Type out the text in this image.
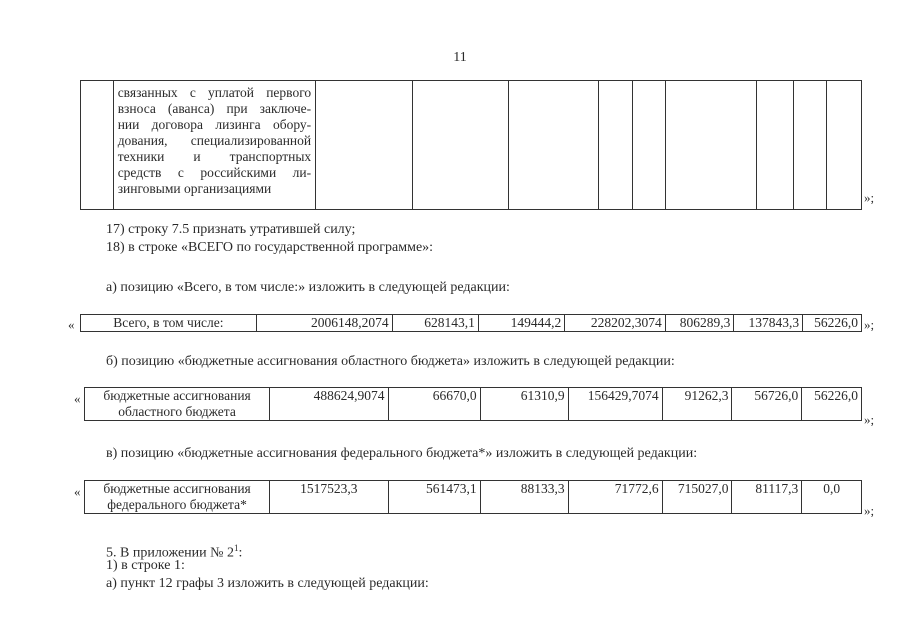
11

связанных с уплатой первого
взноса (аванса) при заключе-
нии договора лизинга обору-
дования, специализированной
техники и транспортных
средств с российскими ли-
зинговыми организациями

»;
17) строку 7.5 признать утратившей силу;
18) в строке «ВСЕГО по государственной программе»:
а) позицию «Всего, в том числе:» изложить в следующей редакции:
«	Всего, в том числе:	2006148,2074	628143,1	149444,2	228202,3074	806289,3	137843,3	56226,0 »;
б) позицию «бюджетные ассигнования областного бюджета» изложить в следующей редакции:
«	бюджетные ассигнования
областного бюджета
	488624,9074	66670,0	61310,9	156429,7074	91262,3	56726,0	56226,0
»;
в) позицию «бюджетные ассигнования федерального бюджета*» изложить в следующей редакции:
«	бюджетные ассигнования
федерального бюджета*
	1517523,3	561473,1	88133,3	71772,6	715027,0	81117,3	0,0
»;
5. В приложении № $2^1$:
1) в строке 1:
а) пункт 12 графы 3 изложить в следующей редакции:
